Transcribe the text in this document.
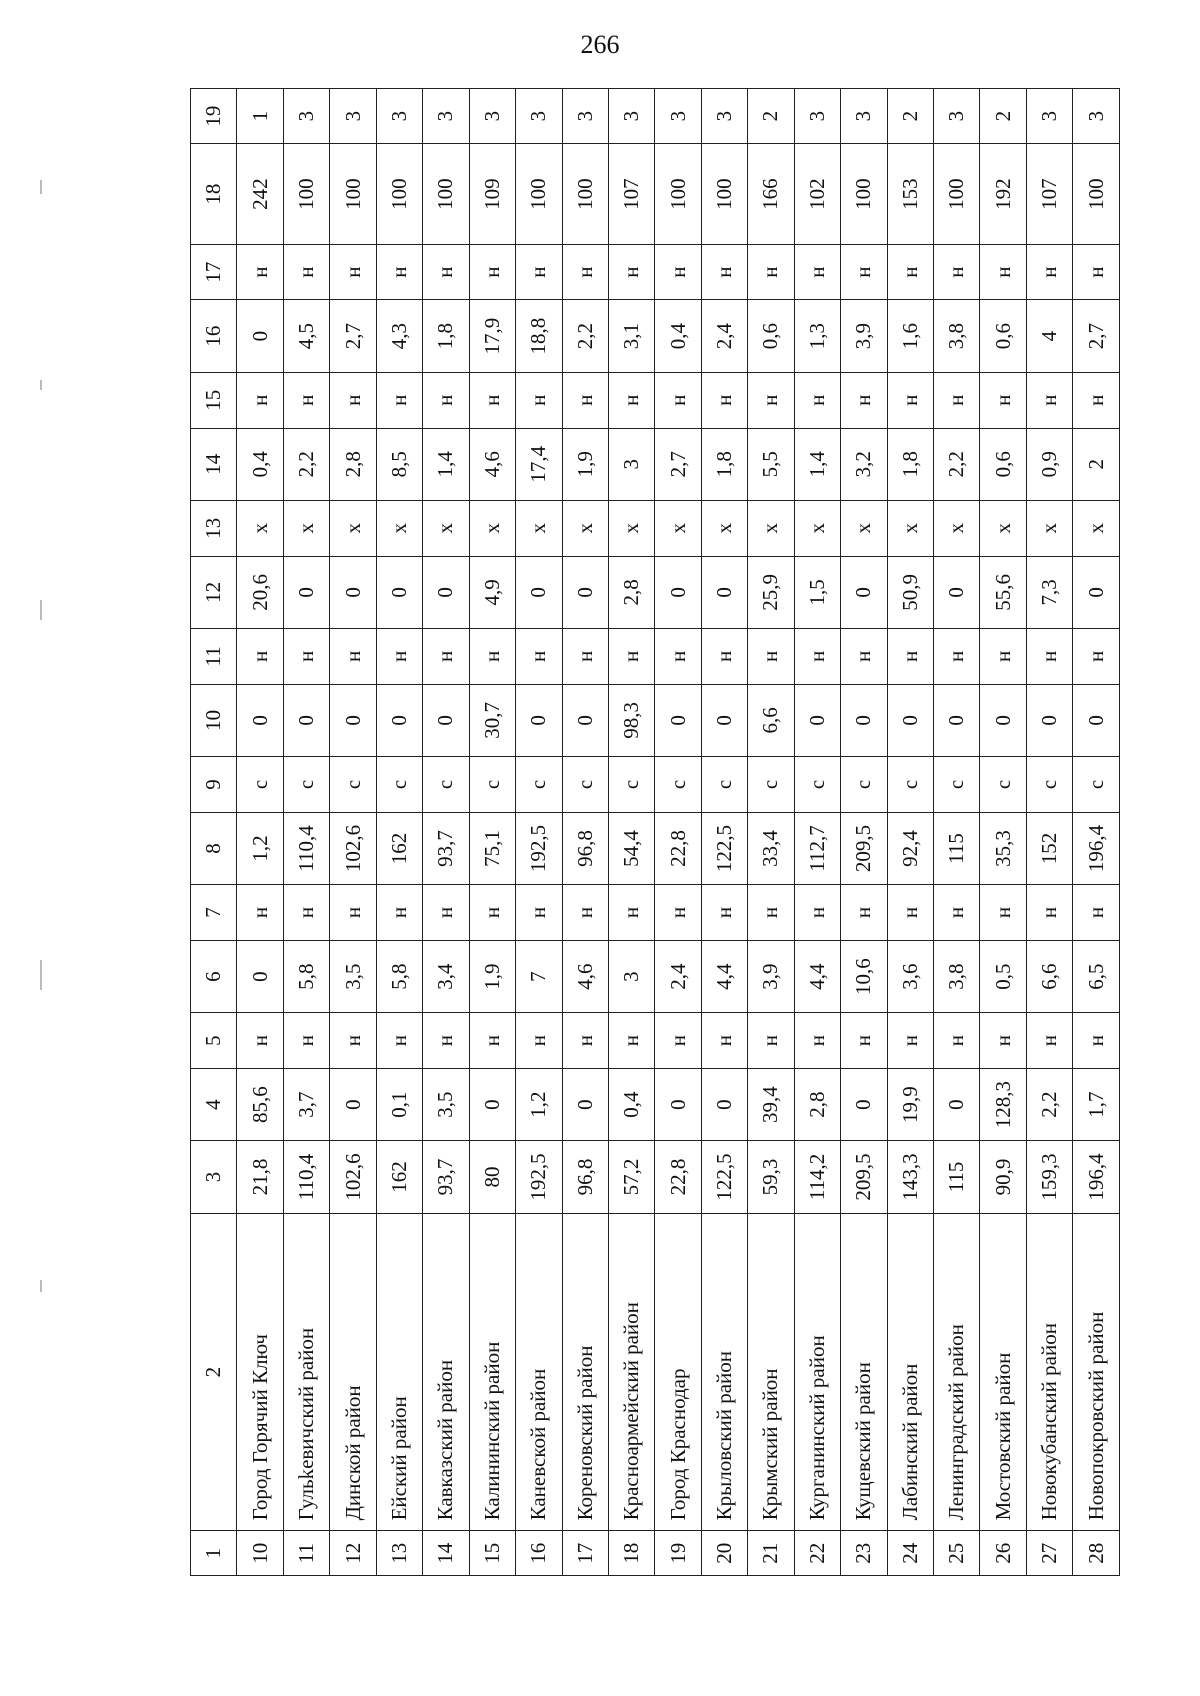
266
1	2	3	4	5	6	7	8	9	10	11	12	13	14	15	16	17	18	19
10	Город Горячий Ключ	21,8	85,6	н	0	н	1,2	с	0	н	20,6	х	0,4	н	0	н	242	1
11	Гульkевичский район	110,4	3,7	н	5,8	н	110,4	с	0	н	0	х	2,2	н	4,5	н	100	3
12	Динской район	102,6	0	н	3,5	н	102,6	с	0	н	0	х	2,8	н	2,7	н	100	3
13	Ейский район	162	0,1	н	5,8	н	162	с	0	н	0	х	8,5	н	4,3	н	100	3
14	Кавказский район	93,7	3,5	н	3,4	н	93,7	с	0	н	0	х	1,4	н	1,8	н	100	3
15	Калининский район	80	0	н	1,9	н	75,1	с	30,7	н	4,9	х	4,6	н	17,9	н	109	3
16	Каневской район	192,5	1,2	н	7	н	192,5	с	0	н	0	х	17,4	н	18,8	н	100	3
17	Кореновский район	96,8	0	н	4,6	н	96,8	с	0	н	0	х	1,9	н	2,2	н	100	3
18	Красноармейский район	57,2	0,4	н	3	н	54,4	с	98,3	н	2,8	х	3	н	3,1	н	107	3
19	Город Краснодар	22,8	0	н	2,4	н	22,8	с	0	н	0	х	2,7	н	0,4	н	100	3
20	Крыловский район	122,5	0	н	4,4	н	122,5	с	0	н	0	х	1,8	н	2,4	н	100	3
21	Крымский район	59,3	39,4	н	3,9	н	33,4	с	6,6	н	25,9	х	5,5	н	0,6	н	166	2
22	Курганинский район	114,2	2,8	н	4,4	н	112,7	с	0	н	1,5	х	1,4	н	1,3	н	102	3
23	Кущевский район	209,5	0	н	10,6	н	209,5	с	0	н	0	х	3,2	н	3,9	н	100	3
24	Лабинский район	143,3	19,9	н	3,6	н	92,4	с	0	н	50,9	х	1,8	н	1,6	н	153	2
25	Ленинградский район	115	0	н	3,8	н	115	с	0	н	0	х	2,2	н	3,8	н	100	3
26	Мостовский район	90,9	128,3	н	0,5	н	35,3	с	0	н	55,6	х	0,6	н	0,6	н	192	2
27	Новокубанский район	159,3	2,2	н	6,6	н	152	с	0	н	7,3	х	0,9	н	4	н	107	3
28	Новопокровский район	196,4	1,7	н	6,5	н	196,4	с	0	н	0	х	2	н	2,7	н	100	3
